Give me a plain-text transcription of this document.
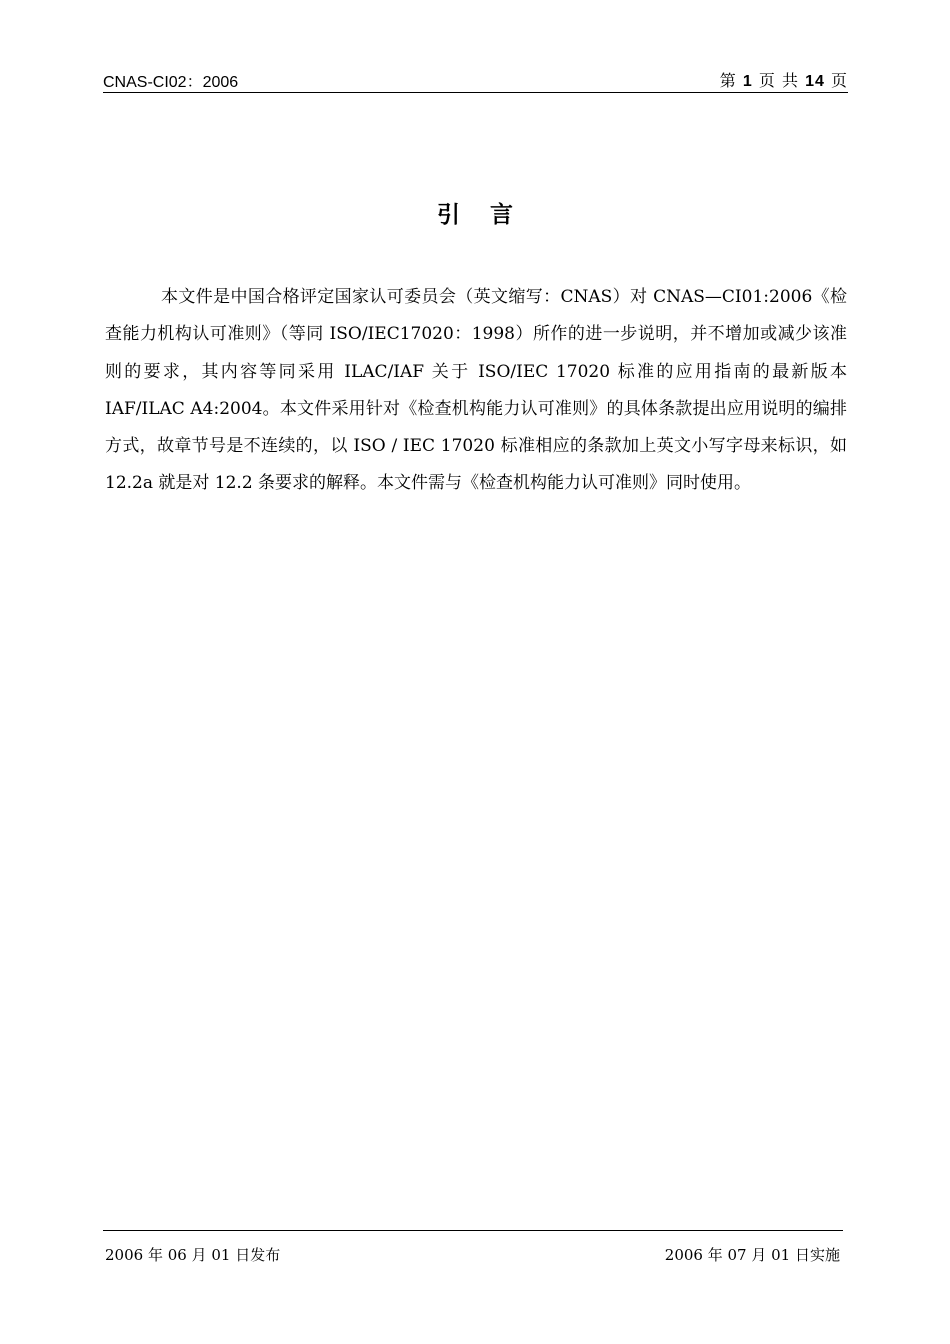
CNAS-CI02：2006	第 1 页 共 14 页
引言

本文件是中国合格评定国家认可委员会（英文缩写：CNAS）对 CNAS—CI01:2006《检查能力机构认可准则》（等同 ISO/IEC17020：1998）所作的进一步说明，并不增加或减少该准则的要求，其内容等同采用 ILAC/IAF 关于 ISO/IEC 17020 标准的应用指南的最新版本 IAF/ILAC A4:2004。本文件采用针对《检查机构能力认可准则》的具体条款提出应用说明的编排方式，故章节号是不连续的，以 ISO / IEC 17020 标准相应的条款加上英文小写字母来标识，如 12.2a 就是对 12.2 条要求的解释。本文件需与《检查机构能力认可准则》同时使用。

2006 年 06 月 01 日发布	2006 年 07 月 01 日实施
